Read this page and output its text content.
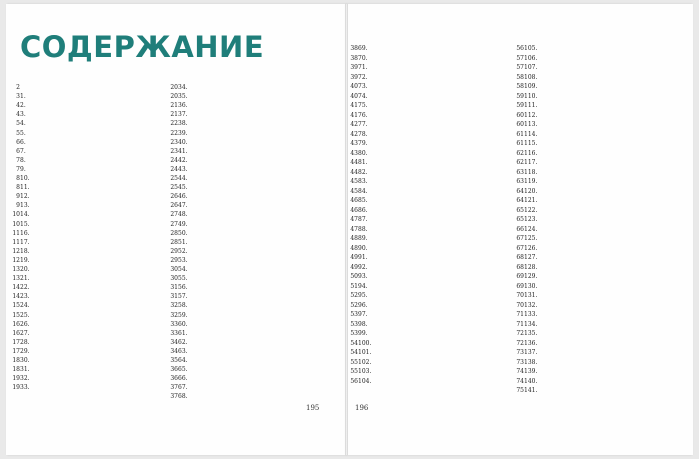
СОДЕРЖАНИЕ
2
1.
3
2.
4
3.
4
4.
5
5.
5
6.
6
7.
6
8.
7
9.
7
10.
8
11.
8
12.
9
13.
9
14.
10
15.
10
16.
11
17.
11
18.
12
19.
12
20.
13
21.
13
22.
14
23.
14
24.
15
25.
15
26.
16
27.
16
28.
17
29.
17
30.
18
31.
18
32.
19
33.
19
34.
20
35.
20
36.
21
37.
21
38.
22
39.
22
40.
23
41.
23
42.
24
43.
24
44.
25
45.
25
46.
26
47.
26
48.
27
49.
27
50.
28
51.
28
52.
29
53.
29
54.
30
55.
30
56.
31
57.
31
58.
32
59.
32
60.
33
61.
33
62.
34
63.
34
64.
35
65.
36
66.
36
67.
37
68.
37
69.
38
70.
38
71.
39
72.
39
73.
40
74.
40
75.
41
76.
41
77.
42
78.
42
79.
43
80.
43
81.
44
82.
44
83.
45
84.
45
85.
46
86.
46
87.
47
88.
47
89.
48
90.
48
91.
49
92.
49
93.
50
94.
51
95.
52
96.
52
97.
53
98.
53
99.
53
100.
54
101.
54
102.
55
103.
55
104.
56
105.
56
106.
57
107.
57
108.
58
109.
58
110.
59
111.
59
112.
60
113.
60
114.
61
115.
61
116.
62
117.
62
118.
63
119.
63
120.
64
121.
64
122.
65
123.
65
124.
66
125.
67
126.
67
127.
68
128.
68
129.
69
130.
69
131.
70
132.
70
133.
71
134.
71
135.
72
136.
72
137.
73
138.
73
139.
74
140.
74
141.
75
195	196
